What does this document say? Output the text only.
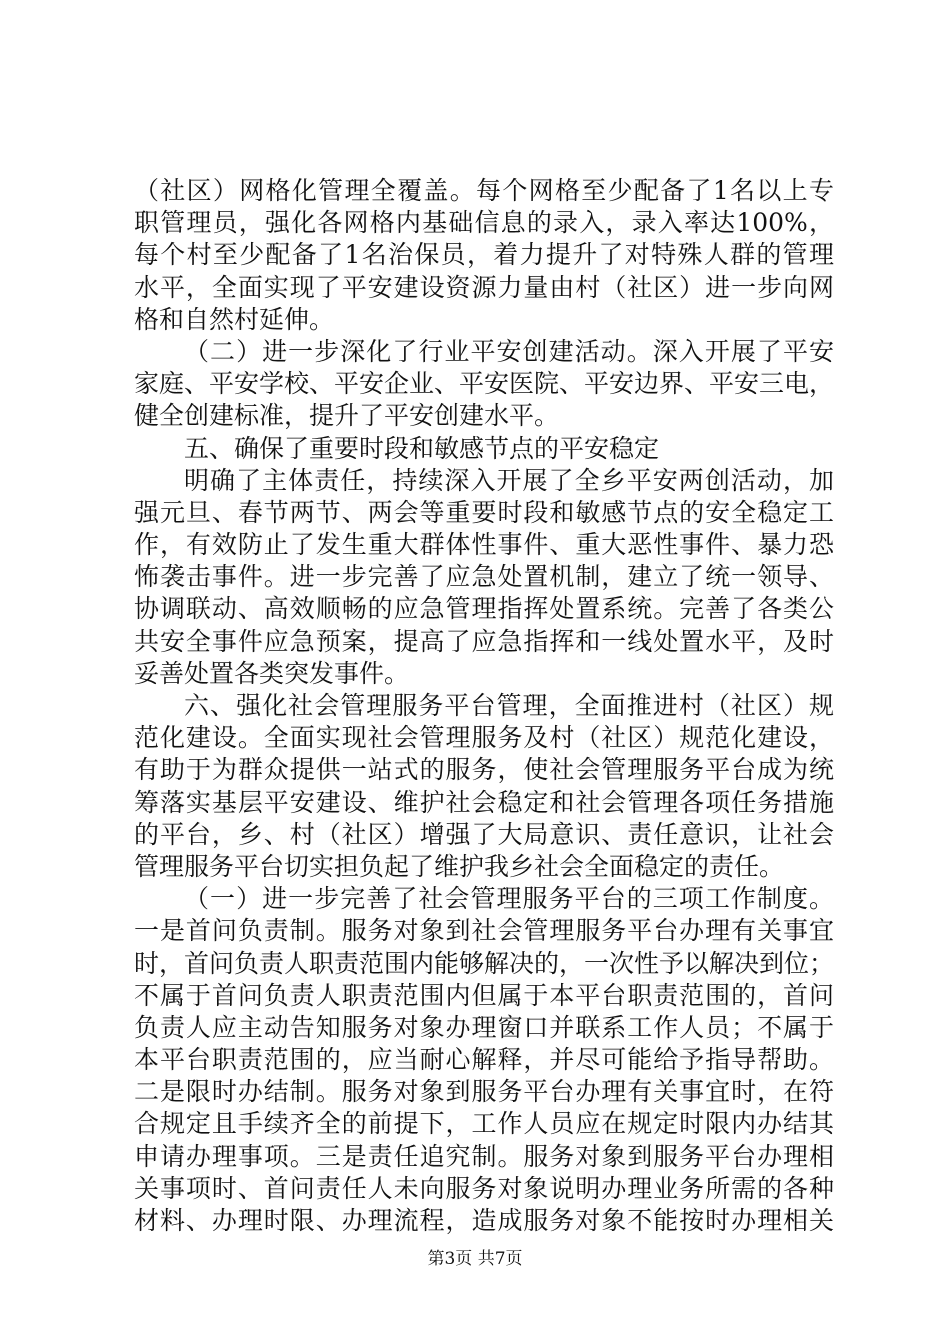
（社区）网格化管理全覆盖。每个网格至少配备了1名以上专
职管理员，强化各网格内基础信息的录入，录入率达100%，
每个村至少配备了1名治保员，着力提升了对特殊人群的管理
水平，全面实现了平安建设资源力量由村（社区）进一步向网
格和自然村延伸。
（二）进一步深化了行业平安创建活动。深入开展了平安
家庭、平安学校、平安企业、平安医院、平安边界、平安三电，
健全创建标准，提升了平安创建水平。
五、确保了重要时段和敏感节点的平安稳定
明确了主体责任，持续深入开展了全乡平安两创活动，加
强元旦、春节两节、两会等重要时段和敏感节点的安全稳定工
作，有效防止了发生重大群体性事件、重大恶性事件、暴力恐
怖袭击事件。进一步完善了应急处置机制，建立了统一领导、
协调联动、高效顺畅的应急管理指挥处置系统。完善了各类公
共安全事件应急预案，提高了应急指挥和一线处置水平，及时
妥善处置各类突发事件。
六、强化社会管理服务平台管理，全面推进村（社区）规
范化建设。全面实现社会管理服务及村（社区）规范化建设，
有助于为群众提供一站式的服务，使社会管理服务平台成为统
筹落实基层平安建设、维护社会稳定和社会管理各项任务措施
的平台，乡、村（社区）增强了大局意识、责任意识，让社会
管理服务平台切实担负起了维护我乡社会全面稳定的责任。
（一）进一步完善了社会管理服务平台的三项工作制度。
一是首问负责制。服务对象到社会管理服务平台办理有关事宜
时，首问负责人职责范围内能够解决的，一次性予以解决到位；
不属于首问负责人职责范围内但属于本平台职责范围的，首问
负责人应主动告知服务对象办理窗口并联系工作人员；不属于
本平台职责范围的，应当耐心解释，并尽可能给予指导帮助。
二是限时办结制。服务对象到服务平台办理有关事宜时，在符
合规定且手续齐全的前提下，工作人员应在规定时限内办结其
申请办理事项。三是责任追究制。服务对象到服务平台办理相
关事项时、首问责任人未向服务对象说明办理业务所需的各种
材料、办理时限、办理流程，造成服务对象不能按时办理相关
第3页 共7页
